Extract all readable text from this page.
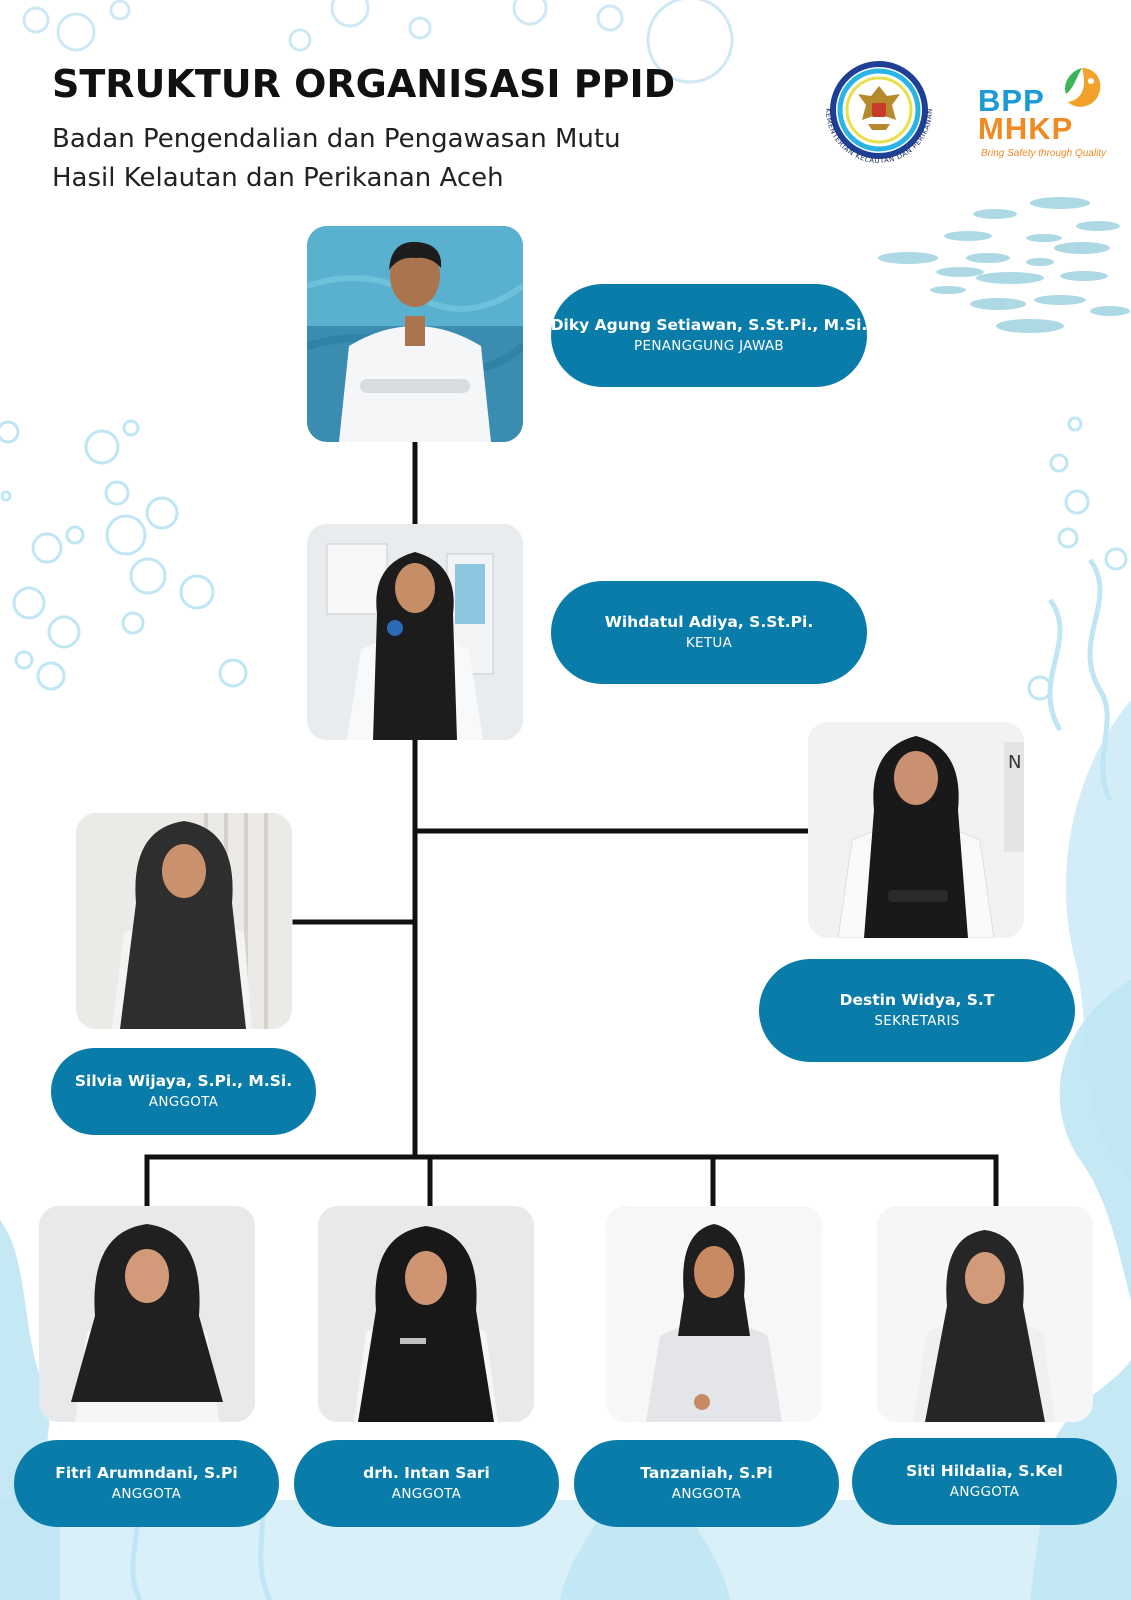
STRUKTUR ORGANISASI PPID
Badan Pengendalian dan Pengawasan Mutu
Hasil Kelautan dan Perikanan Aceh
KEMENTERIAN KELAUTAN DAN PERIKANAN BPP
MHKP
Bring Safety through Quality
N
Diky Agung Setiawan, S.St.Pi., M.Si.
PENANGGUNG JAWAB
Wihdatul Adiya, S.St.Pi.
KETUA
Destin Widya, S.T
SEKRETARIS
Silvia Wijaya, S.Pi., M.Si.
ANGGOTA
Fitri Arumndani, S.Pi
ANGGOTA
drh. Intan Sari
ANGGOTA
Tanzaniah, S.Pi
ANGGOTA
Siti Hildalia, S.Kel
ANGGOTA
